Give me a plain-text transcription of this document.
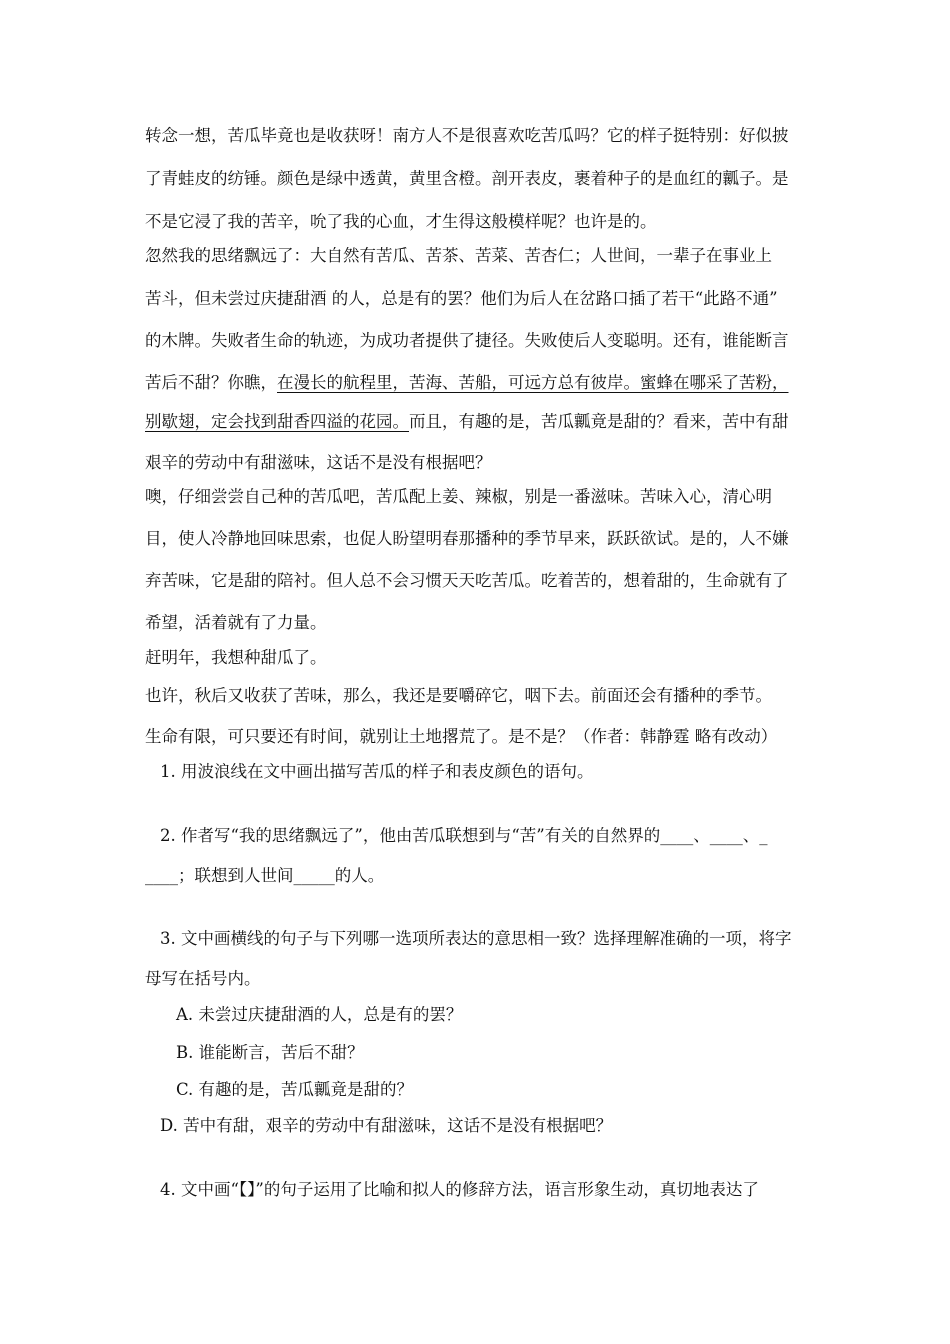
转念一想，苦瓜毕竟也是收获呀！南方人不是很喜欢吃苦瓜吗？它的样子挺特别：好似披
了青蛙皮的纺锤。颜色是绿中透黄，黄里含橙。剖开表皮，裹着种子的是血红的瓤子。是
不是它浸了我的苦辛，吮了我的心血，才生得这般模样呢？也许是的。
忽然我的思绪飘远了：大自然有苦瓜、苦茶、苦菜、苦杏仁；人世间，一辈子在事业上
苦斗，但未尝过庆捷甜酒 的人，总是有的罢？他们为后人在岔路口插了若干“此路不通”
的木牌。失败者生命的轨迹，为成功者提供了捷径。失败使后人变聪明。还有，谁能断言
苦后不甜？你瞧，在漫长的航程里，苦海、苦船，可远方总有彼岸。蜜蜂在哪采了苦粉，
别歇翅，定会找到甜香四溢的花园。而且，有趣的是，苦瓜瓤竟是甜的？看来，苦中有甜
艰辛的劳动中有甜滋味，这话不是没有根据吧？
噢，仔细尝尝自己种的苦瓜吧，苦瓜配上姜、辣椒，别是一番滋味。苦味入心，清心明
目，使人冷静地回味思索，也促人盼望明春那播种的季节早来，跃跃欲试。是的，人不嫌
弃苦味，它是甜的陪衬。但人总不会习惯天天吃苦瓜。吃着苦的，想着甜的，生命就有了
希望，活着就有了力量。
赶明年，我想种甜瓜了。
也许，秋后又收获了苦味，那么，我还是要嚼碎它，咽下去。前面还会有播种的季节。
生命有限，可只要还有时间，就别让土地撂荒了。是不是？（作者：韩静霆 略有改动）
1. 用波浪线在文中画出描写苦瓜的样子和表皮颜色的语句。
2. 作者写“我的思绪飘远了”，他由苦瓜联想到与“苦”有关的自然界的____、____、_
____；联想到人世间_____的人。
3. 文中画横线的句子与下列哪一选项所表达的意思相一致？选择理解准确的一项，将字
母写在括号内。
A. 未尝过庆捷甜酒的人，总是有的罢？
B. 谁能断言，苦后不甜？
C. 有趣的是，苦瓜瓤竟是甜的？
D. 苦中有甜，艰辛的劳动中有甜滋味，这话不是没有根据吧？
4. 文中画“【】”的句子运用了比喻和拟人的修辞方法，语言形象生动，真切地表达了
